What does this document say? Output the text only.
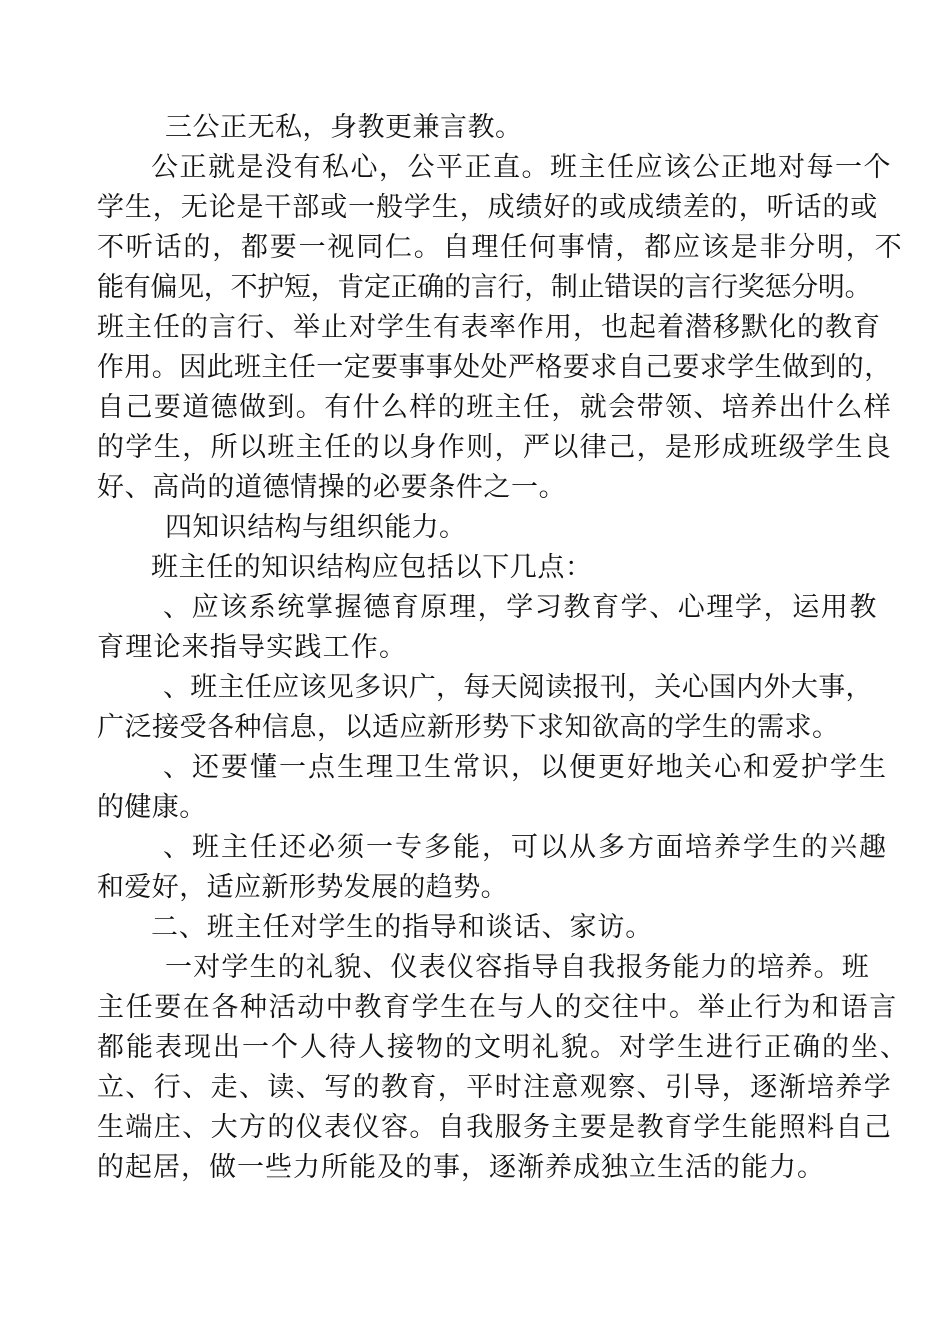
三公正无私，身教更兼言教。
公正就是没有私心，公平正直。班主任应该公正地对每一个
学生，无论是干部或一般学生，成绩好的或成绩差的，听话的或
不听话的，都要一视同仁。自理任何事情，都应该是非分明，不
能有偏见，不护短，肯定正确的言行，制止错误的言行奖惩分明。
班主任的言行、举止对学生有表率作用，也起着潜移默化的教育
作用。因此班主任一定要事事处处严格要求自己要求学生做到的，
自己要道德做到。有什么样的班主任，就会带领、培养出什么样
的学生，所以班主任的以身作则，严以律己，是形成班级学生良
好、高尚的道德情操的必要条件之一。
四知识结构与组织能力。
班主任的知识结构应包括以下几点：
、应该系统掌握德育原理，学习教育学、心理学，运用教
育理论来指导实践工作。
、班主任应该见多识广，每天阅读报刊，关心国内外大事，
广泛接受各种信息，以适应新形势下求知欲高的学生的需求。
、还要懂一点生理卫生常识，以便更好地关心和爱护学生
的健康。
、班主任还必须一专多能，可以从多方面培养学生的兴趣
和爱好，适应新形势发展的趋势。
二、班主任对学生的指导和谈话、家访。
一对学生的礼貌、仪表仪容指导自我报务能力的培养。班
主任要在各种活动中教育学生在与人的交往中。举止行为和语言
都能表现出一个人待人接物的文明礼貌。对学生进行正确的坐、
立、行、走、读、写的教育，平时注意观察、引导，逐渐培养学
生端庄、大方的仪表仪容。自我服务主要是教育学生能照料自己
的起居，做一些力所能及的事，逐渐养成独立生活的能力。
